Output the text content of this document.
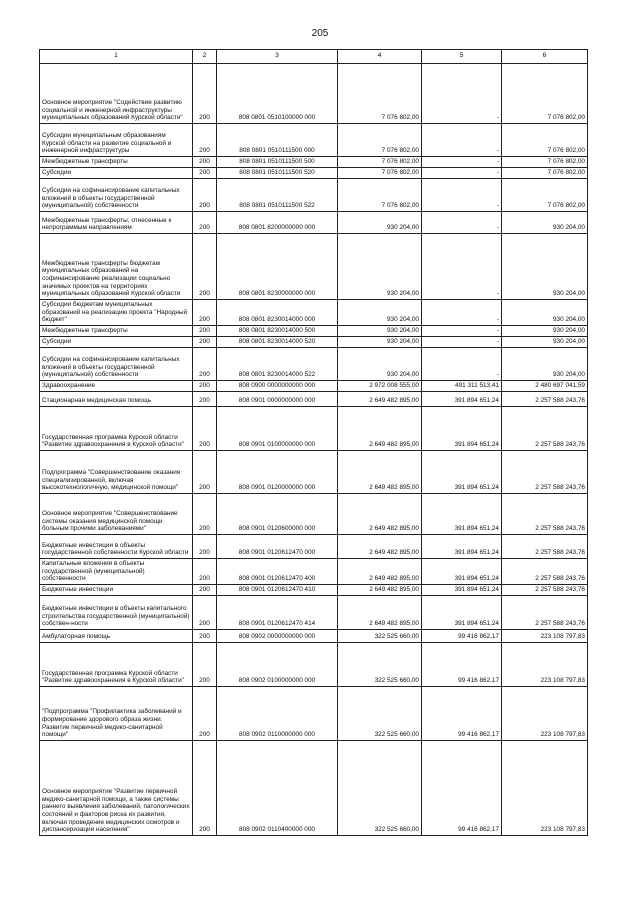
205
1	2	3	4	5	6
Основное мероприятие "Содействие развитию социальной и инженерной инфраструктуры муниципальных образований Курской области"	200	808 0801 0510100000 000	7 076 802,00	-	7 076 802,00
Субсидии муниципальным образованиям Курской области на развитие социальной и инженерной инфраструктуры	200	808 0801 0510111500 000	7 076 802,00	-	7 076 802,00
Межбюджетные трансферты	200	808 0801 0510111500 500	7 076 802,00	-	7 076 802,00
Субсидии	200	808 0801 0510111500 520	7 076 802,00	-	7 076 802,00
Субсидии на софинансирование капитальных вложений в объекты государственной (муниципальной) собственности	200	808 0801 0510111500 522	7 076 802,00	-	7 076 802,00
Межбюджетные трансферты, отнесенные к непрограммым направлениям	200	808 0801 8200000000 000	930 204,00	-	930 204,00
Межбюджетные трансферты бюджетам муниципальных образований на софинансирование реализации социально значимых проектов на территориях муниципальных образований Курской области	200	808 0801 8230000000 000	930 204,00	-	930 204,00
Субсидии бюджетам муниципальных образований на реализацию проекта "Народный бюджет"	200	808 0801 8230014000 000	930 204,00	-	930 204,00
Межбюджетные трансферты	200	808 0801 8230014000 500	930 204,00	-	930 204,00
Субсидии	200	808 0801 8230014000 520	930 204,00	-	930 204,00
Субсидии на софинансирование капитальных вложений в объекты государственной (муниципальной) собственности	200	808 0801 8230014000 522	930 204,00	-	930 204,00
Здравоохранение	200	808 0900 0000000000 000	2 972 008 555,00	491 311 513,41	2 480 697 041,59
Стационарная медицинская помощь	200	808 0901 0000000000 000	2 649 482 895,00	391 894 651,24	2 257 588 243,76
Государственная программа Курской области "Развитие здравоохранения в Курской области"	200	808 0901 0100000000 000	2 649 482 895,00	391 894 651,24	2 257 588 243,76
Подпрограмма "Совершенствование оказания специализированной, включая высокотехнологичную, медицинской помощи"	200	808 0901 0120000000 000	2 649 482 895,00	391 894 651,24	2 257 588 243,76
Основное мероприятие "Совершенствование системы оказания медицинской помощи больным прочими заболеваниями"	200	808 0901 0120600000 000	2 649 482 895,00	391 894 651,24	2 257 588 243,76
Бюджетные инвестиции в объекты государственной собственности Курской области	200	808 0901 0120612470 000	2 649 482 895,00	391 894 651,24	2 257 588 243,76
Капитальные вложения в объекты государственной (муниципальной) собственности	200	808 0901 0120612470 400	2 649 482 895,00	391 894 651,24	2 257 588 243,76
Бюджетные инвестиции	200	808 0901 0120612470 410	2 649 482 895,00	391 894 651,24	2 257 588 243,76
Бюджетные инвестиции в объекты капитального строительства государственной (муниципальной) собствен-ности	200	808 0901 0120612470 414	2 649 482 895,00	391 894 651,24	2 257 588 243,76
Амбулаторная помощь	200	808 0902 0000000000 000	322 525 660,00	99 416 862,17	223 108 797,83
Государственная программа Курской области "Развитие здравоохранения в Курской области"	200	808 0902 0100000000 000	322 525 660,00	99 416 862,17	223 108 797,83
"Подпрограмма "Профилактика заболеваний и формирование здорового образа жизни. Развитие первичной медико-санитарной помощи"	200	808 0902 0110000000 000	322 525 660,00	99 416 862,17	223 108 797,83
Основное мероприятие "Развитие первичной медико-санитарной помощи, а также системы раннего выявления заболеваний, патологических состояний и факторов риска их развития, включая проведение медицинских осмотров и диспансеризации населения"	200	808 0902 0110400000 000	322 525 660,00	99 416 862,17	223 108 797,83
